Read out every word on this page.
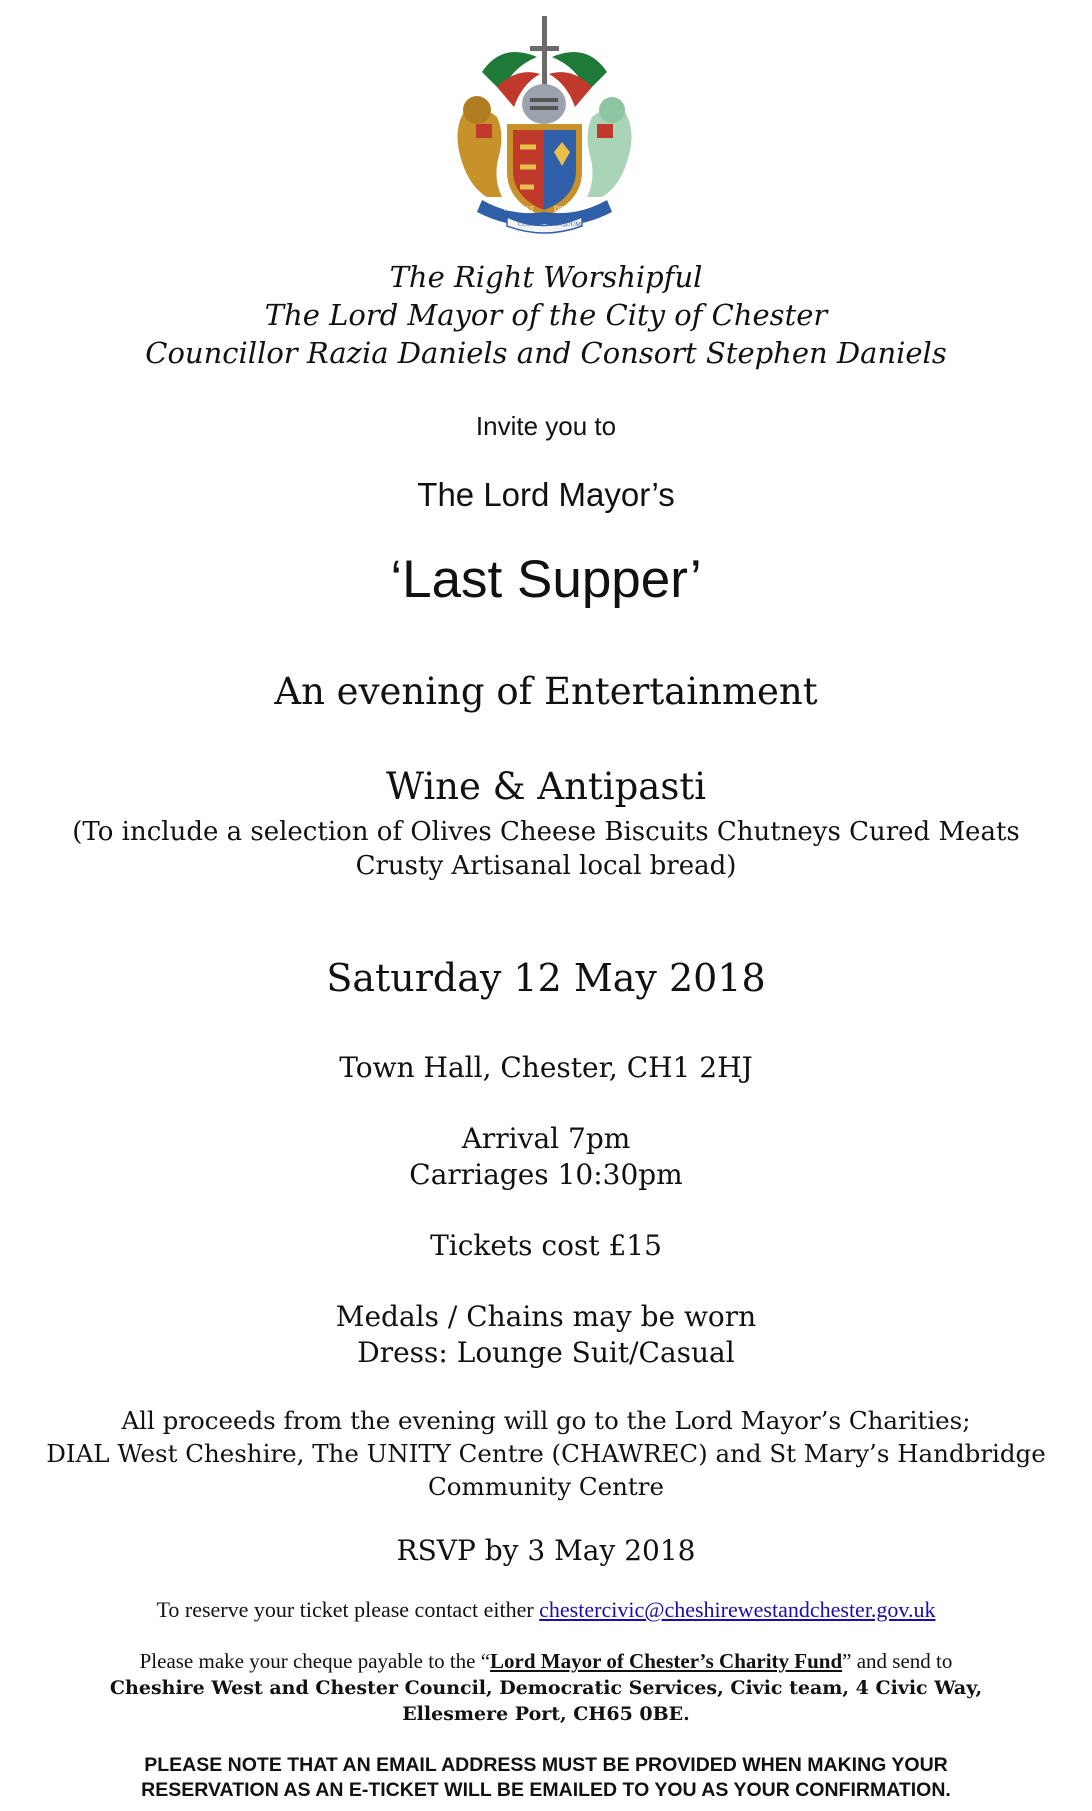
ANTIQUI	DIEBUS
COLANT ANTIQUUM

The Right Worshipful

The Lord Mayor of the City of Chester

Councillor Razia Daniels and Consort Stephen Daniels

Invite you to

The Lord Mayor’s

‘Last Supper’

An evening of Entertainment

Wine & Antipasti

(To include a selection of Olives Cheese Biscuits Chutneys Cured Meats

Crusty Artisanal local bread)

Saturday 12 May 2018

Town Hall, Chester, CH1 2HJ

Arrival 7pm

Carriages 10:30pm

Tickets cost £15

Medals / Chains may be worn

Dress: Lounge Suit/Casual

All proceeds from the evening will go to the Lord Mayor’s Charities;

DIAL West Cheshire, The UNITY Centre (CHAWREC) and St Mary’s Handbridge

Community Centre

RSVP by 3 May 2018

To reserve your ticket please contact either chestercivic@cheshirewestandchester.gov.uk

Please make your cheque payable to the “Lord Mayor of Chester’s Charity Fund” and send to

Cheshire West and Chester Council, Democratic Services, Civic team, 4 Civic Way,

Ellesmere Port, CH65 0BE.

PLEASE NOTE THAT AN EMAIL ADDRESS MUST BE PROVIDED WHEN MAKING YOUR

RESERVATION AS AN E-TICKET WILL BE EMAILED TO YOU AS YOUR CONFIRMATION.
